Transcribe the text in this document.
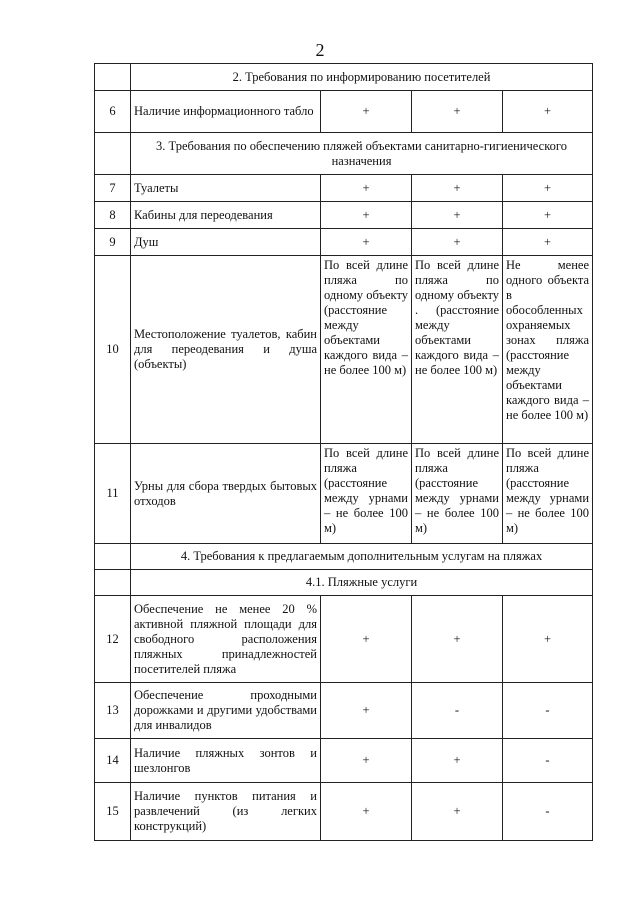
2
	2. Требования по информированию посетителей			
6	Наличие информационного табло	+	+	+
	3. Требования по обеспечению пляжей объектами санитарно-гигиенического назначения			
7	Туалеты	+	+	+
8	Кабины для переодевания	+	+	+
9	Душ	+	+	+
10	Местоположение туалетов, кабин для переодевания и душа (объекты)	По всей длине пляжа по одному объекту (расстояние между объектами каждого вида – не более 100 м)	По всей длине пляжа по одному объекту . (расстояние между объектами каждого вида – не более 100 м)	Не менее одного объекта в обособленных охраняемых зонах пляжа (расстояние между объектами каждого вида – не более 100 м)
11	Урны для сбора твердых бытовых отходов	По всей длине пляжа (расстояние между урнами – не более 100 м)	По всей длине пляжа (расстояние между урнами – не более 100 м)	По всей длине пляжа (расстояние между урнами – не более 100 м)
	4. Требования к предлагаемым дополнительным услугам на пляжах			
	4.1. Пляжные услуги			
12	Обеспечение не менее 20 % активной пляжной площади для свободного расположения пляжных принадлежностей посетителей пляжа	+	+	+
13	Обеспечение проходными дорожками и другими удобствами для инвалидов	+	-	-
14	Наличие пляжных зонтов и шезлонгов	+	+	-
15	Наличие пунктов питания и развлечений (из легких конструкций)	+	+	-
